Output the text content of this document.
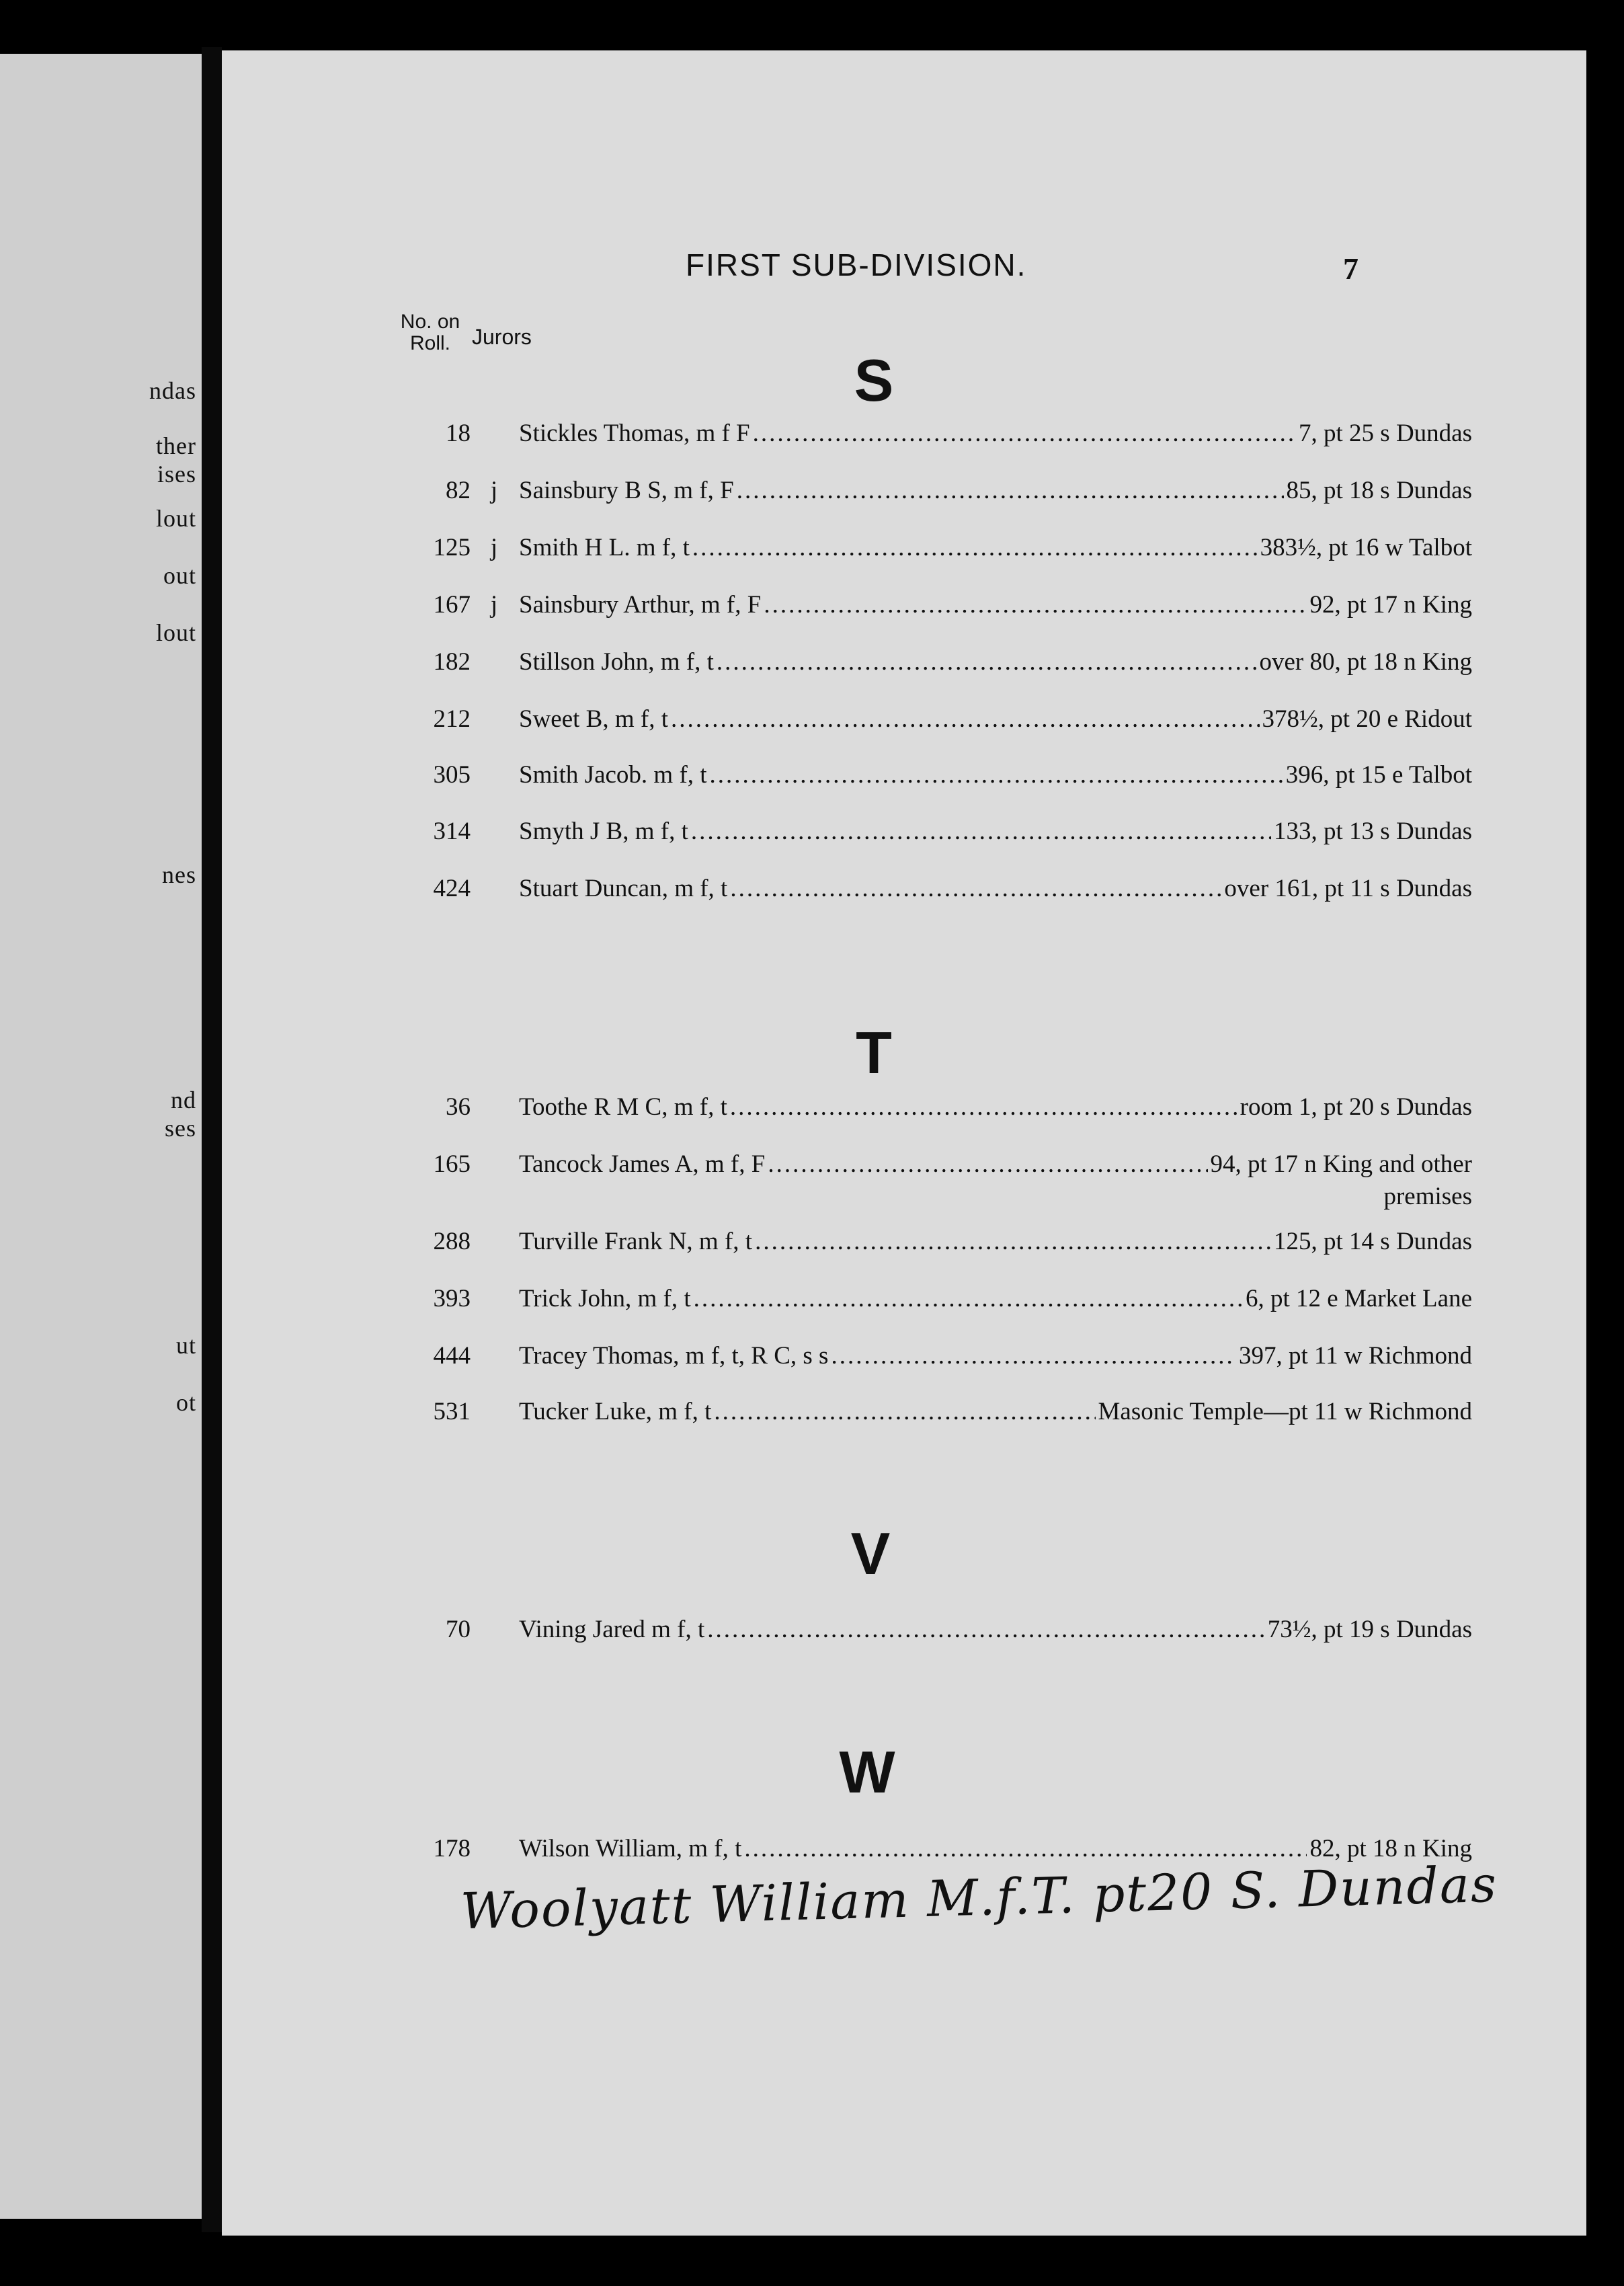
ndas
ther
ises
lout
out
lout
nes
nd
ses
ut
ot
FIRST SUB-DIVISION.	7
No. on
Roll.	Jurors
S
18 Stickles Thomas, m f F .....	7, pt 25 s Dundas
82 j Sainsbury B S, m f, F .....	85, pt 18 s Dundas
125 j Smith H L. m f, t .....	383½, pt 16 w Talbot
167 j Sainsbury Arthur, m f, F .....	92, pt 17 n King
182 Stillson John, m f, t .....	over 80, pt 18 n King
212 Sweet B, m f, t .....	378½, pt 20 e Ridout
305 Smith Jacob. m f, t .....	396, pt 15 e Talbot
314 Smyth J B, m f, t .....	133, pt 13 s Dundas
424 Stuart Duncan, m f, t .....	over 161, pt 11 s Dundas
T
36 Toothe R M C, m f, t .....	room 1, pt 20 s Dundas
165 Tancock James A, m f, F .....	94, pt 17 n King and other
premises
288 Turville Frank N, m f, t .....	125, pt 14 s Dundas
393 Trick John, m f, t .....	6, pt 12 e Market Lane
444 Tracey Thomas, m f, t, R C, s s .....	397, pt 11 w Richmond
531 Tucker Luke, m f, t .....	Masonic Temple—pt 11 w Richmond
V
70 Vining Jared m f, t .....	73½, pt 19 s Dundas
W
178 Wilson William, m f, t .....	82, pt 18 n King
Woolyatt William M.f.T. pt20 S. Dundas
